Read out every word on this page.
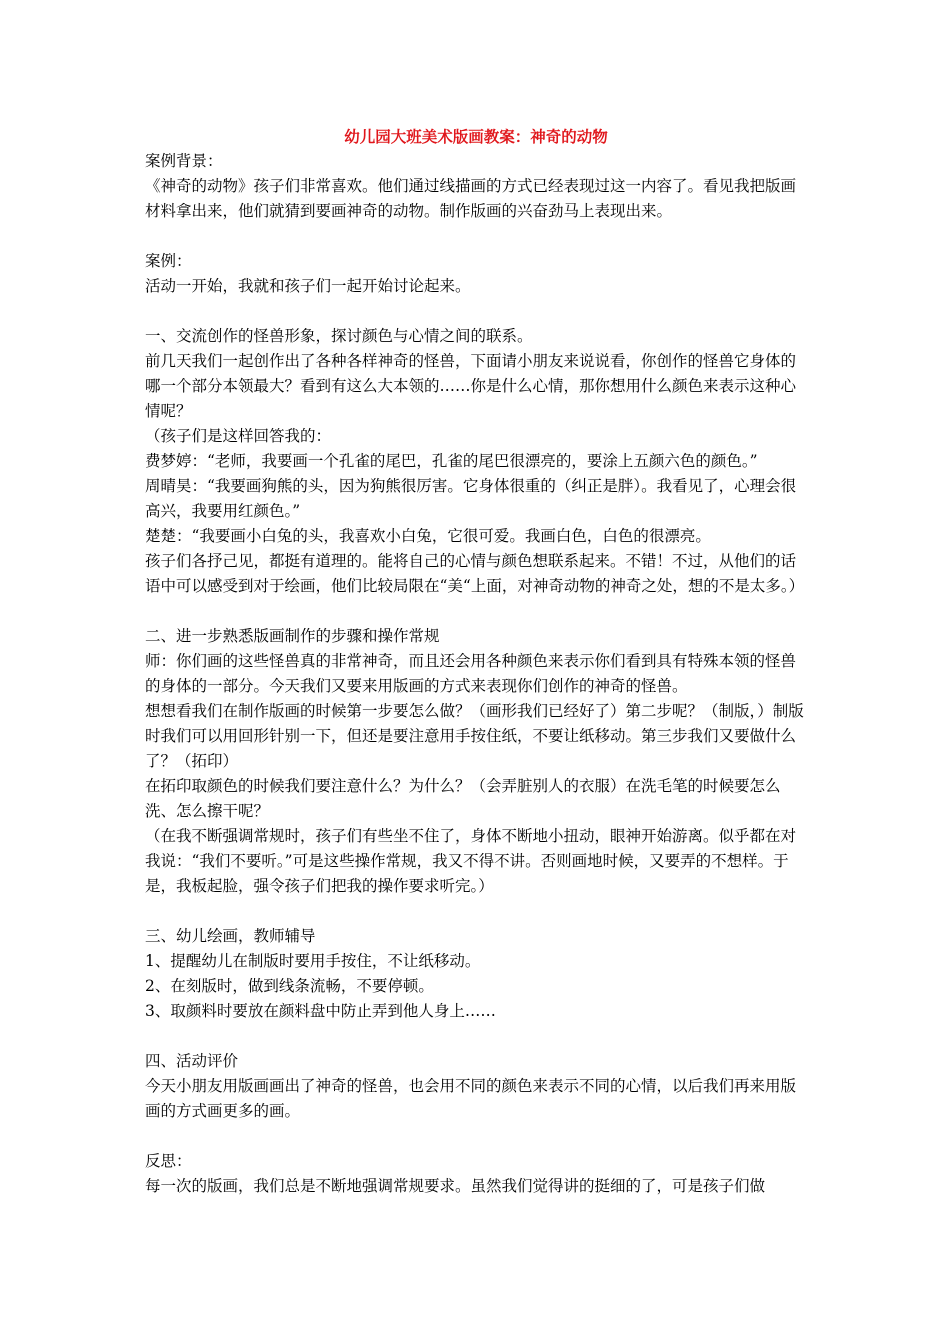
幼儿园大班美术版画教案：神奇的动物
案例背景：
《神奇的动物》孩子们非常喜欢。他们通过线描画的方式已经表现过这一内容了。看见我把版画材料拿出来，他们就猜到要画神奇的动物。制作版画的兴奋劲马上表现出来。
案例：
活动一开始，我就和孩子们一起开始讨论起来。
一、交流创作的怪兽形象，探讨颜色与心情之间的联系。
前几天我们一起创作出了各种各样神奇的怪兽，下面请小朋友来说说看，你创作的怪兽它身体的哪一个部分本领最大？看到有这么大本领的……你是什么心情，那你想用什么颜色来表示这种心情呢？
（孩子们是这样回答我的：
费梦婷：“老师，我要画一个孔雀的尾巴，孔雀的尾巴很漂亮的，要涂上五颜六色的颜色。”
周晴昊：“我要画狗熊的头，因为狗熊很厉害。它身体很重的（纠正是胖）。我看见了，心理会很高兴，我要用红颜色。”
楚楚：“我要画小白兔的头，我喜欢小白兔，它很可爱。我画白色，白色的很漂亮。
孩子们各抒己见，都挺有道理的。能将自己的心情与颜色想联系起来。不错！不过，从他们的话语中可以感受到对于绘画，他们比较局限在“美“上面，对神奇动物的神奇之处，想的不是太多。）
二、进一步熟悉版画制作的步骤和操作常规
师：你们画的这些怪兽真的非常神奇，而且还会用各种颜色来表示你们看到具有特殊本领的怪兽的身体的一部分。今天我们又要来用版画的方式来表现你们创作的神奇的怪兽。
想想看我们在制作版画的时候第一步要怎么做？（画形我们已经好了）第二步呢？（制版，）制版时我们可以用回形针别一下，但还是要注意用手按住纸，不要让纸移动。第三步我们又要做什么了？（拓印）
在拓印取颜色的时候我们要注意什么？为什么？（会弄脏别人的衣服）在洗毛笔的时候要怎么洗、怎么擦干呢？
（在我不断强调常规时，孩子们有些坐不住了，身体不断地小扭动，眼神开始游离。似乎都在对我说：“我们不要听。”可是这些操作常规，我又不得不讲。否则画地时候，又要弄的不想样。于是，我板起脸，强令孩子们把我的操作要求听完。）
三、幼儿绘画，教师辅导
1、提醒幼儿在制版时要用手按住，不让纸移动。
2、在刻版时，做到线条流畅，不要停顿。
3、取颜料时要放在颜料盘中防止弄到他人身上……
四、活动评价
今天小朋友用版画画出了神奇的怪兽，也会用不同的颜色来表示不同的心情，以后我们再来用版画的方式画更多的画。
反思：
每一次的版画，我们总是不断地强调常规要求。虽然我们觉得讲的挺细的了，可是孩子们做
